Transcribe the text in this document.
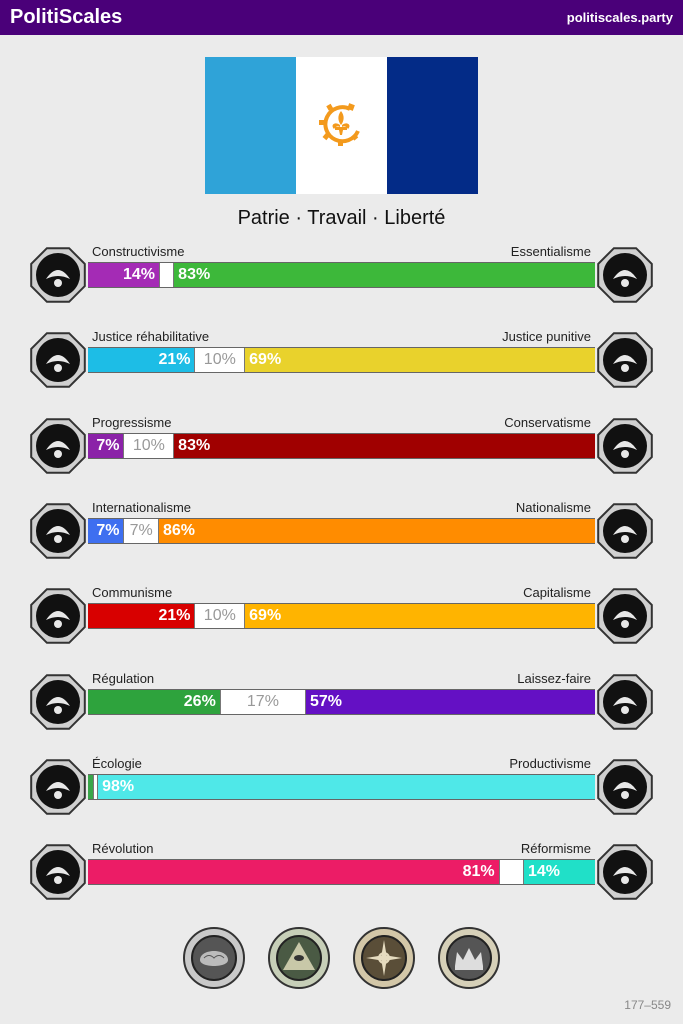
PolitiScales	politiscales.party
Patrie · Travail · Liberté
Constructivisme	Essentialisme
14% 83%
Justice réhabilitative	Justice punitive
21% 10% 69%
Progressisme	Conservatisme
7% 10% 83%
Internationalisme	Nationalisme
7% 7% 86%
Communisme	Capitalisme
21% 10% 69%
Régulation	Laissez-faire
26%	17%	57%
Écologie	Productivisme
98%
Révolution	Réformisme
81% 14%
177–559
